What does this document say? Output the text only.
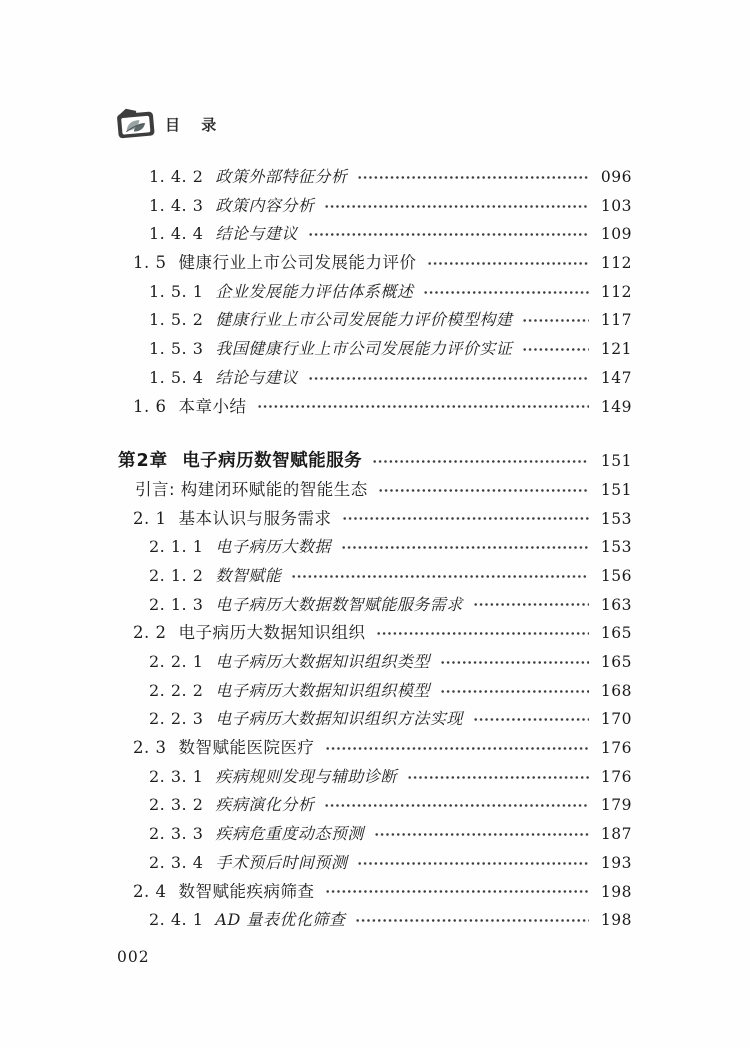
目 录
1. 4. 2 政策外部特征分析	096
1. 4. 3 政策内容分析	103
1. 4. 4 结论与建议	109
1. 5 健康行业上市公司发展能力评价	112
1. 5. 1 企业发展能力评估体系概述	112
1. 5. 2 健康行业上市公司发展能力评价模型构建	117
1. 5. 3 我国健康行业上市公司发展能力评价实证	121
1. 5. 4 结论与建议	147
1. 6 本章小结	149
第2章 电子病历数智赋能服务	151
引言: 构建闭环赋能的智能生态	151
2. 1 基本认识与服务需求	153
2. 1. 1 电子病历大数据	153
2. 1. 2 数智赋能	156
2. 1. 3 电子病历大数据数智赋能服务需求	163
2. 2 电子病历大数据知识组织	165
2. 2. 1 电子病历大数据知识组织类型	165
2. 2. 2 电子病历大数据知识组织模型	168
2. 2. 3 电子病历大数据知识组织方法实现	170
2. 3 数智赋能医院医疗	176
2. 3. 1 疾病规则发现与辅助诊断	176
2. 3. 2 疾病演化分析	179
2. 3. 3 疾病危重度动态预测	187
2. 3. 4 手术预后时间预测	193
2. 4 数智赋能疾病筛查	198
2. 4. 1 AD 量表优化筛查	198
002
